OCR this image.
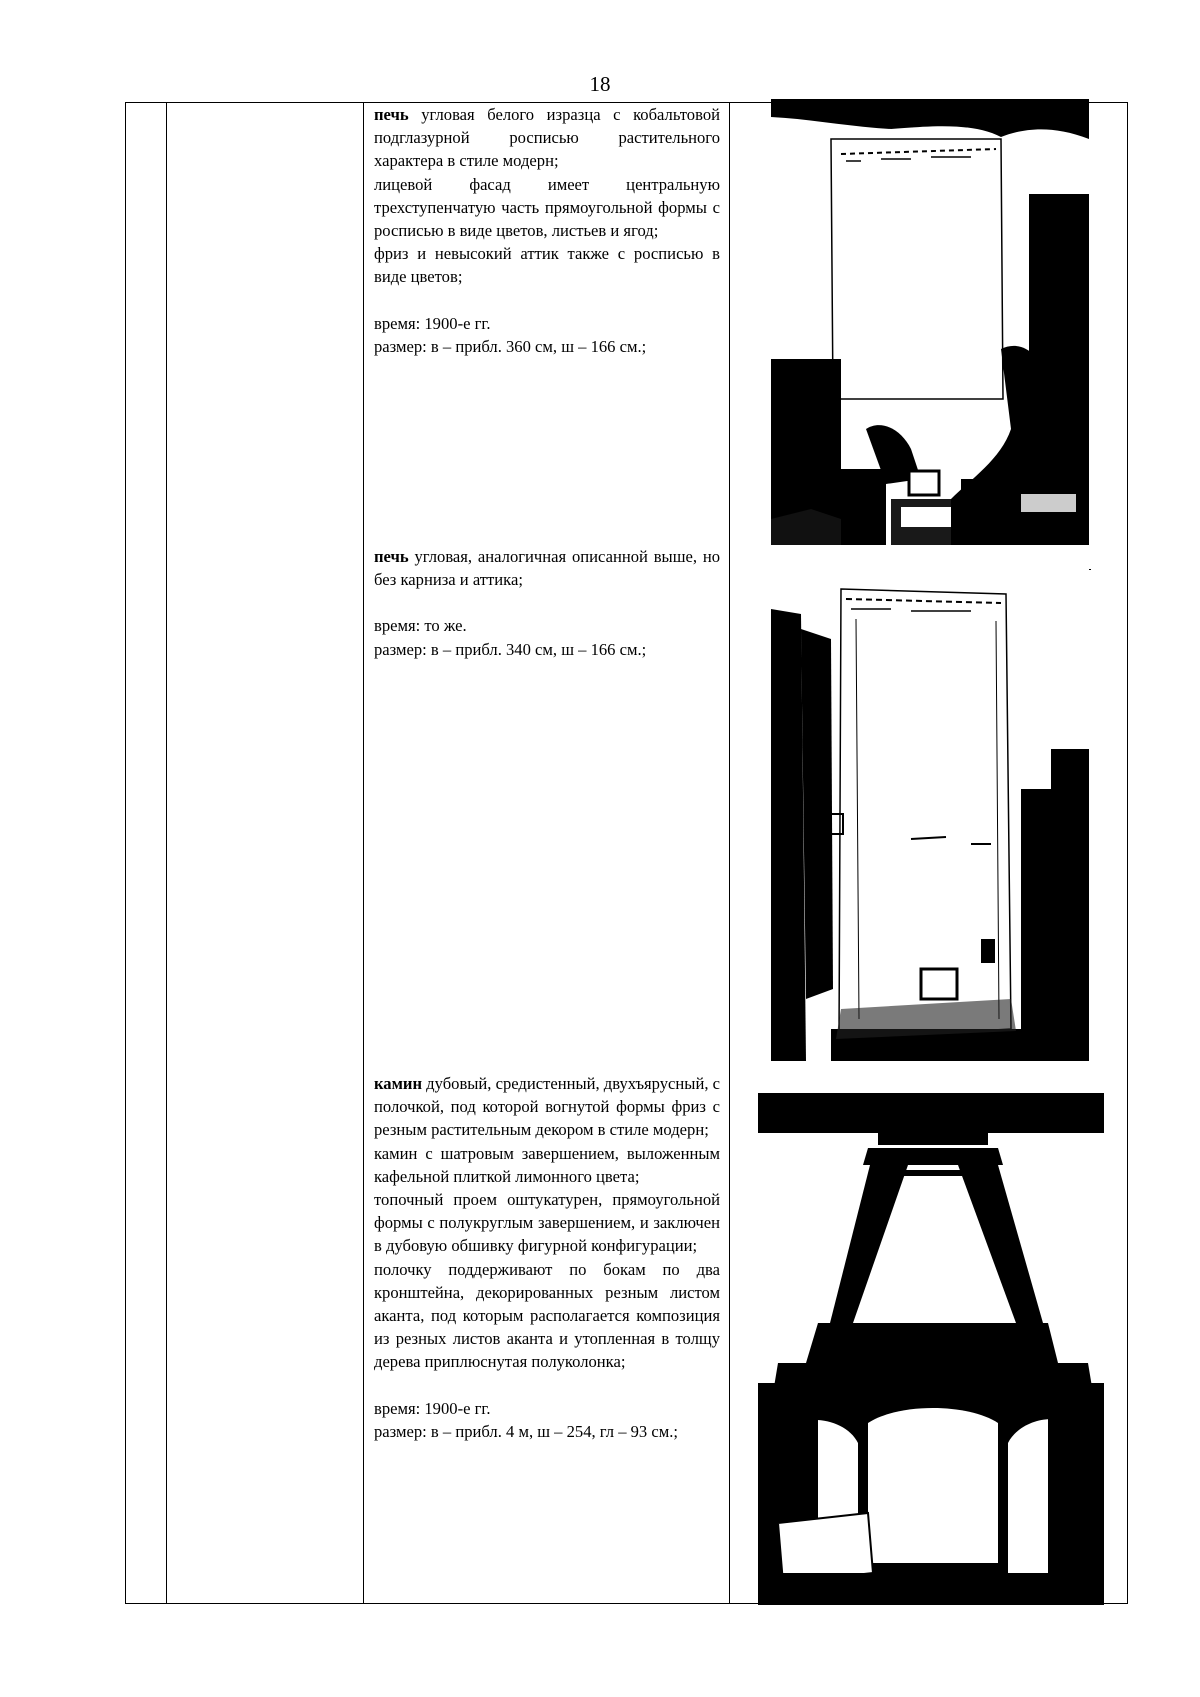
18

печь угловая белого изразца с кобальтовой подглазурной росписью растительного характера в стиле модерн;

лицевой фасад имеет центральную трехступенчатую часть прямоугольной формы с росписью в виде цветов, листьев и ягод;

фриз и невысокий аттик также с росписью в виде цветов;

время: 1900-е гг.

размер: в – прибл. 360 см, ш – 166 см.;

печь угловая, аналогичная описанной выше, но без карниза и аттика;

время: то же.

размер: в – прибл. 340 см, ш – 166 см.;

камин дубовый, средистенный, двухъярусный, с полочкой, под которой вогнутой формы фриз с резным растительным декором в стиле модерн;

камин с шатровым завершением, выложенным кафельной плиткой лимонного цвета;

топочный проем оштукатурен, прямоугольной формы с полукруглым завершением, и заключен в дубовую обшивку фигурной конфигурации;

полочку поддерживают по бокам по два кронштейна, декорированных резным листом аканта, под которым располагается композиция из резных листов аканта и утопленная в толщу дерева приплюснутая полуколонка;

время: 1900-е гг.

размер: в – прибл. 4 м, ш – 254, гл – 93 см.;
